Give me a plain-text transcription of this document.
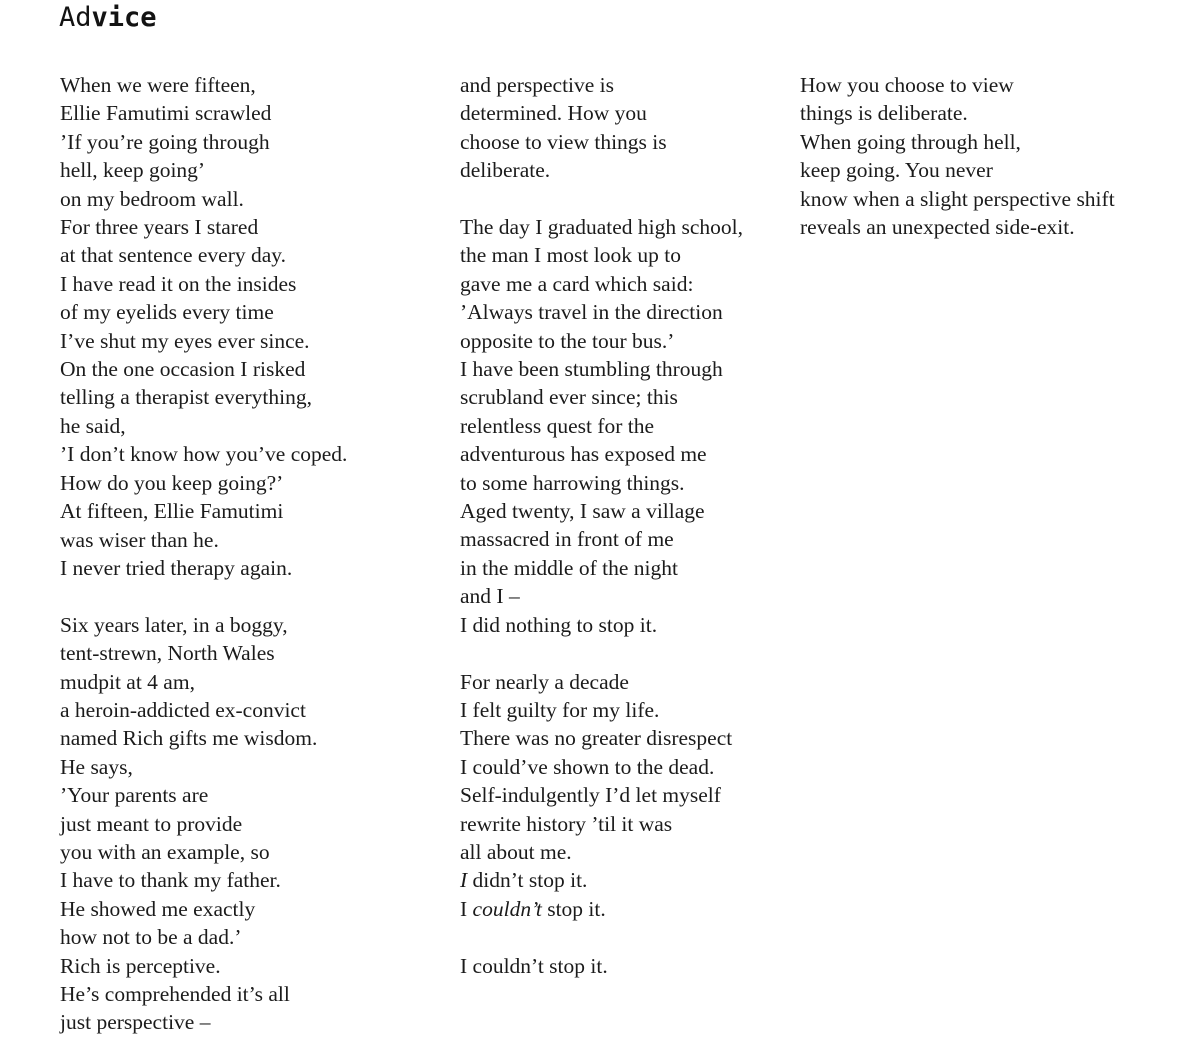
Advice
When we were fifteen,
Ellie Famutimi scrawled
’If you’re going through
hell, keep going’
on my bedroom wall.
For three years I stared
at that sentence every day.
I have read it on the insides
of my eyelids every time
I’ve shut my eyes ever since.
On the one occasion I risked
telling a therapist everything,
he said,
’I don’t know how you’ve coped.
How do you keep going?’
At fifteen, Ellie Famutimi
was wiser than he.
I never tried therapy again.
Six years later, in a boggy,
tent-strewn, North Wales
mudpit at 4 am,
a heroin-addicted ex-convict
named Rich gifts me wisdom.
He says,
’Your parents are
just meant to provide
you with an example, so
I have to thank my father.
He showed me exactly
how not to be a dad.’
Rich is perceptive.
He’s comprehended it’s all
just perspective –
and perspective is
determined. How you
choose to view things is
deliberate.
The day I graduated high school,
the man I most look up to
gave me a card which said:
’Always travel in the direction
opposite to the tour bus.’
I have been stumbling through
scrubland ever since; this
relentless quest for the
adventurous has exposed me
to some harrowing things.
Aged twenty, I saw a village
massacred in front of me
in the middle of the night
and I –
I did nothing to stop it.
For nearly a decade
I felt guilty for my life.
There was no greater disrespect
I could’ve shown to the dead.
Self-indulgently I’d let myself
rewrite history ’til it was
all about me.
I didn’t stop it.
I couldn’t stop it.
I couldn’t stop it.
How you choose to view
things is deliberate.
When going through hell,
keep going. You never
know when a slight perspective shift
reveals an unexpected side-exit.
